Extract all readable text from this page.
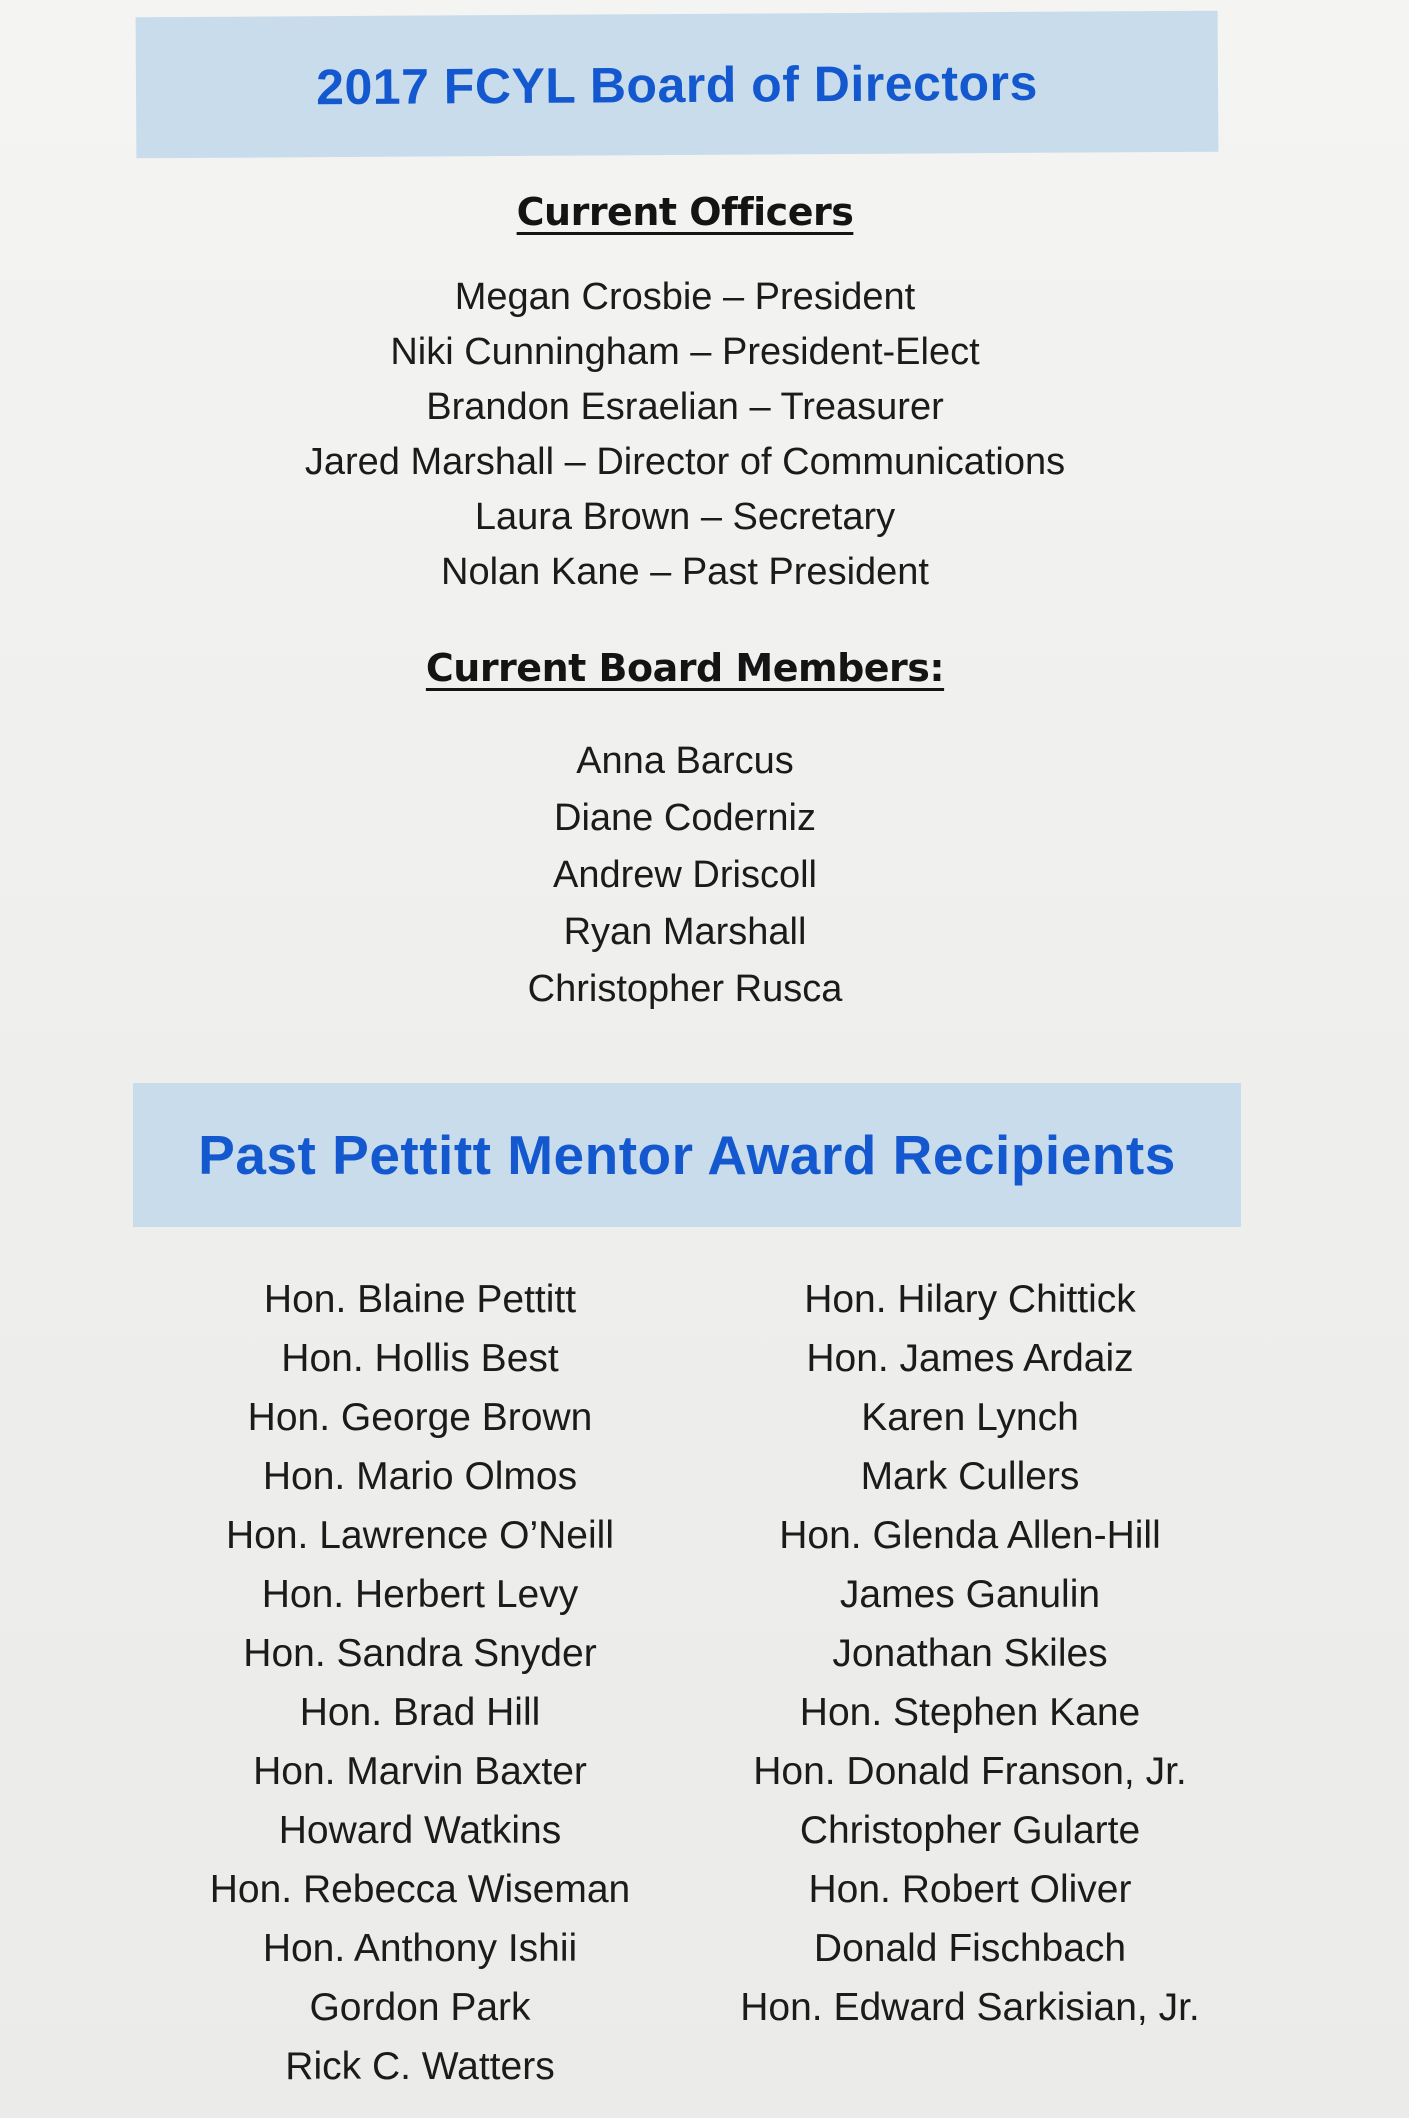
2017 FCYL Board of Directors
Current Officers
Megan Crosbie – President
Niki Cunningham – President-Elect
Brandon Esraelian – Treasurer
Jared Marshall – Director of Communications
Laura Brown – Secretary
Nolan Kane – Past President
Current Board Members:
Anna Barcus
Diane Coderniz
Andrew Driscoll
Ryan Marshall
Christopher Rusca
Past Pettitt Mentor Award Recipients
Hon. Blaine Pettitt
Hon. Hollis Best
Hon. George Brown
Hon. Mario Olmos
Hon. Lawrence O’Neill
Hon. Herbert Levy
Hon. Sandra Snyder
Hon. Brad Hill
Hon. Marvin Baxter
Howard Watkins
Hon. Rebecca Wiseman
Hon. Anthony Ishii
Gordon Park
Rick C. Watters
Hon. Hilary Chittick
Hon. James Ardaiz
Karen Lynch
Mark Cullers
Hon. Glenda Allen-Hill
James Ganulin
Jonathan Skiles
Hon. Stephen Kane
Hon. Donald Franson, Jr.
Christopher Gularte
Hon. Robert Oliver
Donald Fischbach
Hon. Edward Sarkisian, Jr.
